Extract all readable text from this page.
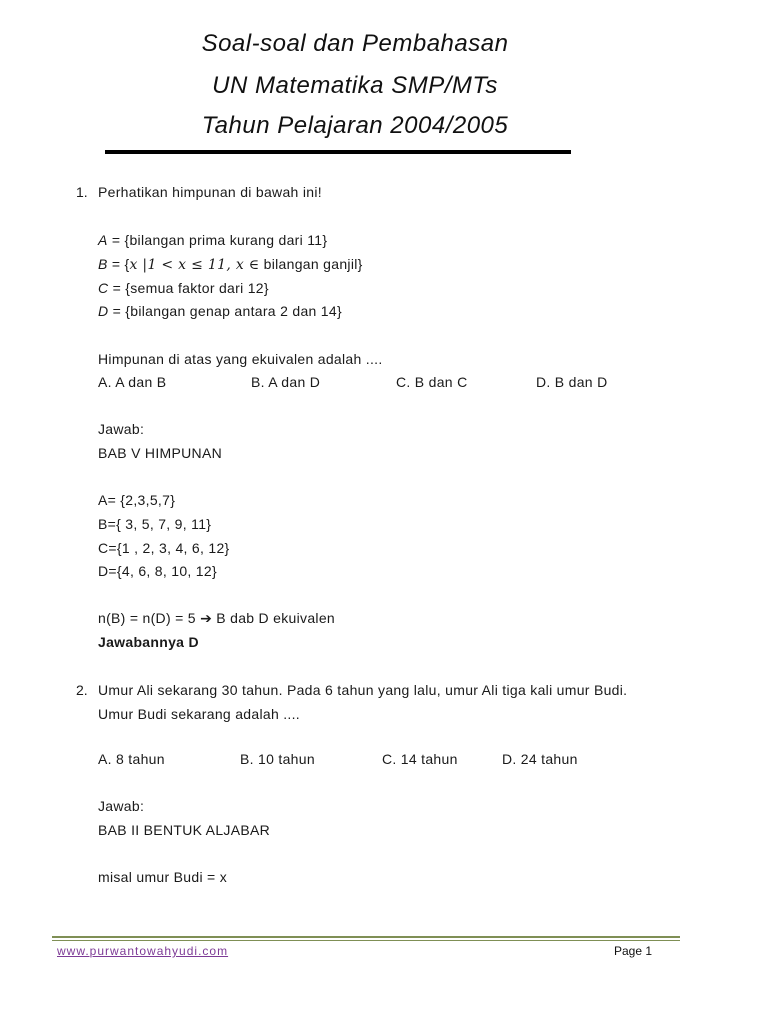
Soal-soal dan Pembahasan
UN Matematika SMP/MTs
Tahun Pelajaran 2004/2005
1. Perhatikan himpunan di bawah ini!
A = {bilangan prima kurang dari 11}
B = {x |1 < x ≤ 11, x ∈ bilangan ganjil}
C = {semua faktor dari 12}
D = {bilangan genap antara 2 dan 14}
Himpunan di atas yang ekuivalen adalah ....
A. A dan B	B. A dan D	C. B dan C	D. B dan D
Jawab:
BAB V HIMPUNAN
A= {2,3,5,7}
B={ 3, 5, 7, 9, 11}
C={1 , 2, 3, 4, 6, 12}
D={4, 6, 8, 10, 12}
n(B) = n(D) = 5 ➔ B dab D ekuivalen
Jawabannya D
2. Umur Ali sekarang 30 tahun. Pada 6 tahun yang lalu, umur Ali tiga kali umur Budi.
Umur Budi sekarang adalah ....
A. 8 tahun	B. 10 tahun	C. 14 tahun	D. 24 tahun
Jawab:
BAB II BENTUK ALJABAR
misal umur Budi = x
www.purwantowahyudi.com	Page 1
